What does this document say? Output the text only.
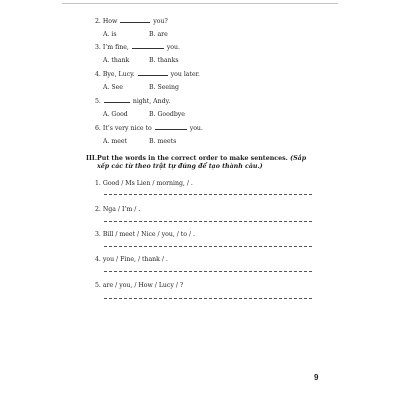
2. How	you?
A. is	B. are
3. I’m fine,	you.
A. thank	B. thanks
4. Bye, Lucy.	you later.
A. See	B. Seeing
5.	night, Andy.
A. Good	B. Goodbye
6. It’s very nice to	you.
A. meet	B. meets
III. Put the words in the correct order to make sentences. (Sắp xếp các từ theo trật tự đúng để tạo thành câu.)
1. Good / Ms Lien / morning, / .
2. Nga / I’m / .
3. Bill / meet / Nice / you, / to / .
4. you / Fine, / thank / .
5. are / you, / How / Lucy / ?
9
